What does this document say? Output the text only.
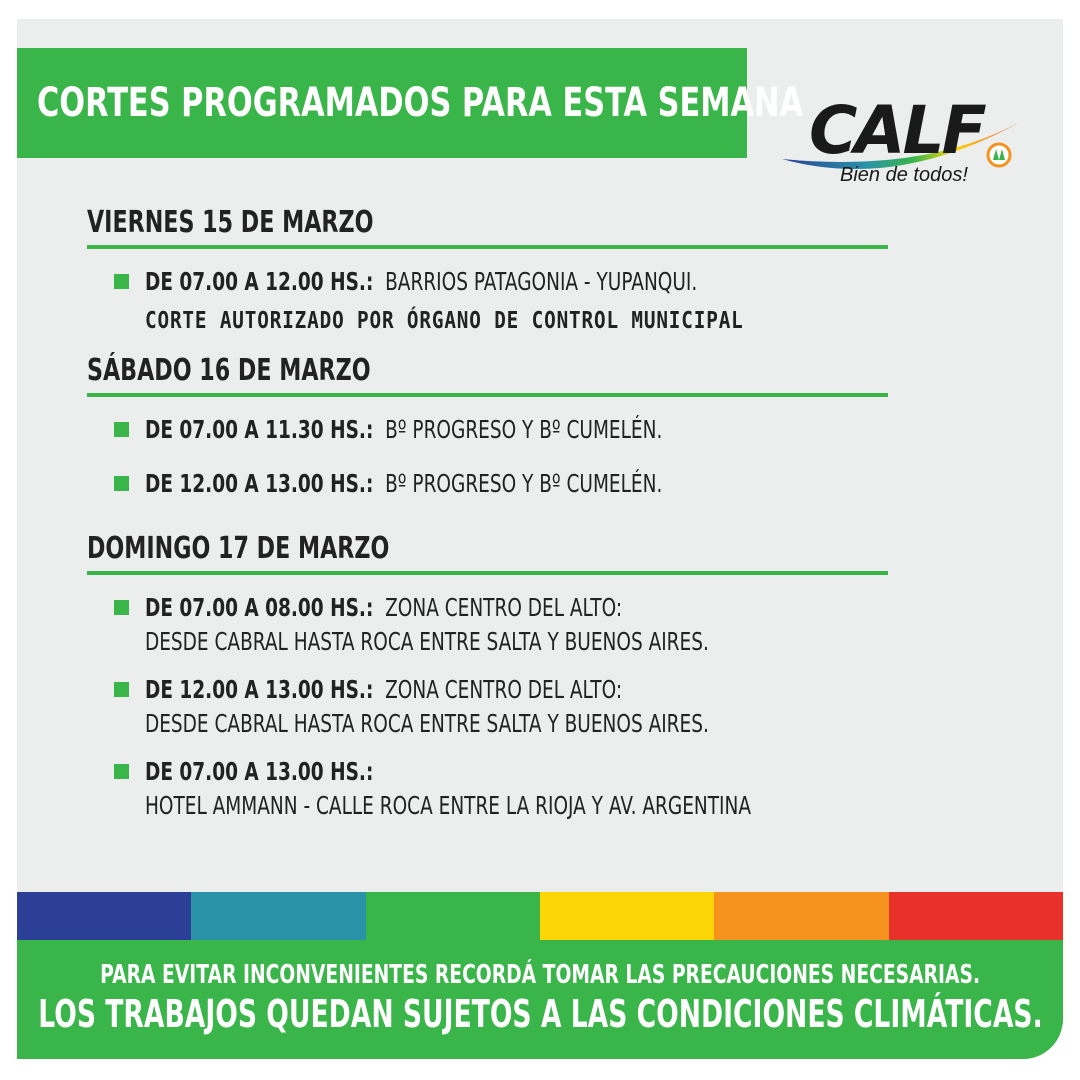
CORTES PROGRAMADOS PARA ESTA SEMANA CALF
Bien de todos!
VIERNES 15 DE MARZO
DE 07.00 A 12.00 HS.: BARRIOS PATAGONIA - YUPANQUI.
CORTE AUTORIZADO POR ÓRGANO DE CONTROL MUNICIPAL
SÁBADO 16 DE MARZO
DE 07.00 A 11.30 HS.: Bº PROGRESO Y Bº CUMELÉN.
DE 12.00 A 13.00 HS.: Bº PROGRESO Y Bº CUMELÉN.
DOMINGO 17 DE MARZO
DE 07.00 A 08.00 HS.: ZONA CENTRO DEL ALTO:
DESDE CABRAL HASTA ROCA ENTRE SALTA Y BUENOS AIRES.
DE 12.00 A 13.00 HS.: ZONA CENTRO DEL ALTO:
DESDE CABRAL HASTA ROCA ENTRE SALTA Y BUENOS AIRES.
DE 07.00 A 13.00 HS.:
HOTEL AMMANN - CALLE ROCA ENTRE LA RIOJA Y AV. ARGENTINA
PARA EVITAR INCONVENIENTES RECORDÁ TOMAR LAS PRECAUCIONES NECESARIAS.
LOS TRABAJOS QUEDAN SUJETOS A LAS CONDICIONES CLIMÁTICAS.
